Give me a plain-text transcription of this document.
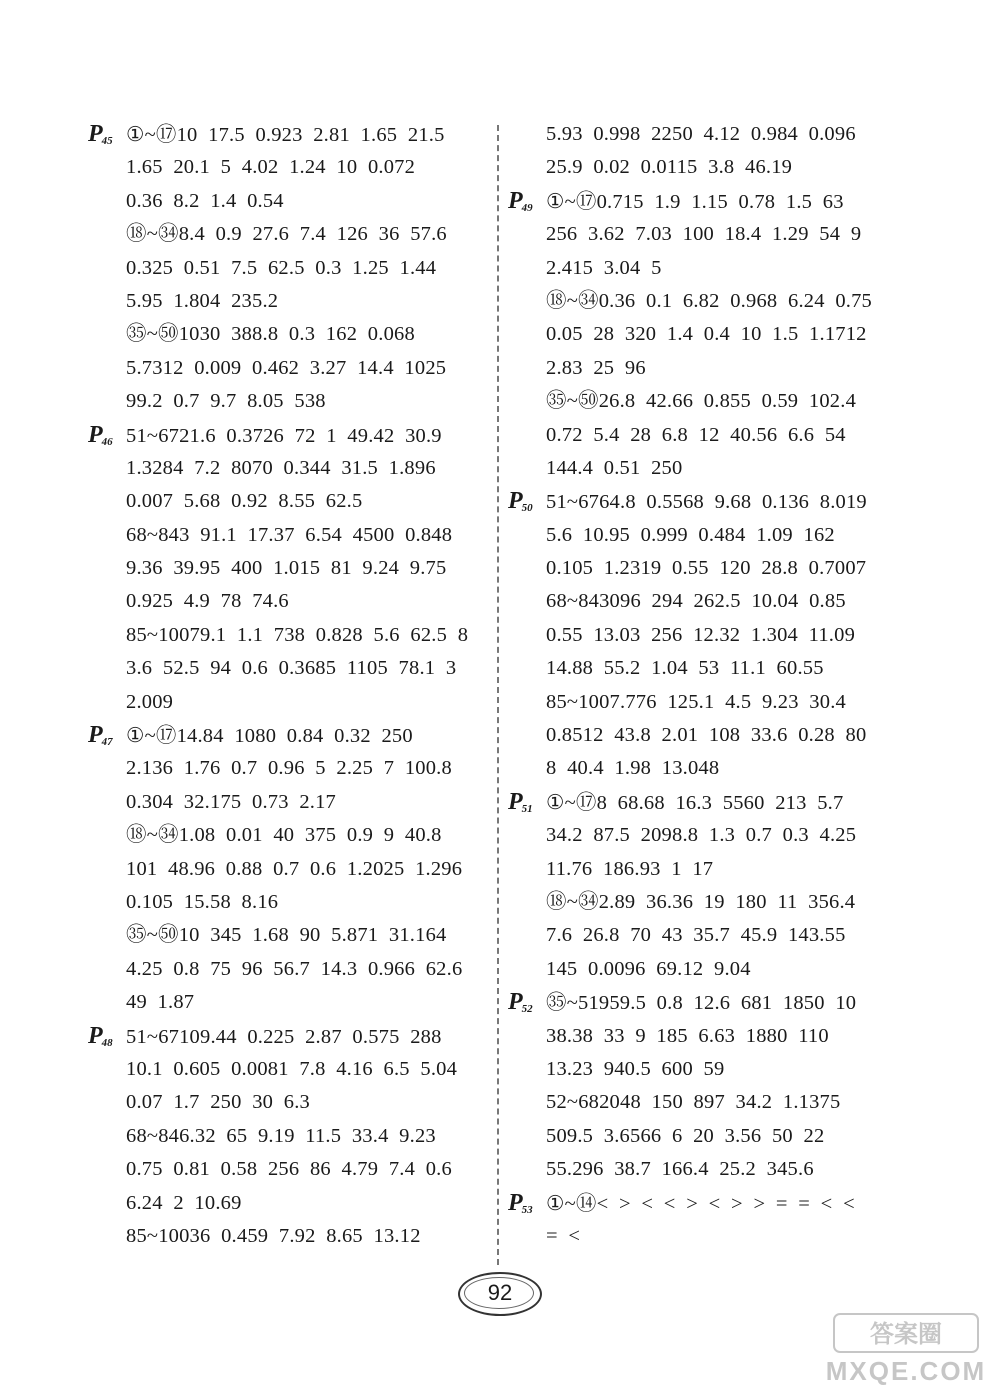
$P_{45}$ ①~⑰10  17.5  0.923  2.81  1.65  21.5
1.65  20.1  5  4.02  1.24  10  0.072
0.36  8.2  1.4  0.54
⑱~㉞8.4  0.9  27.6  7.4  126  36  57.6
0.325  0.51  7.5  62.5  0.3  1.25  1.44
5.95  1.804  235.2
㉟~㊿1030  388.8  0.3  162  0.068
5.7312  0.009  0.462  3.27  14.4  1025
99.2  0.7  9.7  8.05  538
$P_{46}$ 51~6721.6  0.3726  72  1  49.42  30.9
1.3284  7.2  8070  0.344  31.5  1.896
0.007  5.68  0.92  8.55  62.5
68~843  91.1  17.37  6.54  4500  0.848
9.36  39.95  400  1.015  81  9.24  9.75
0.925  4.9  78  74.6
85~10079.1  1.1  738  0.828  5.6  62.5  8
3.6  52.5  94  0.6  0.3685  1105  78.1  3
2.009
$P_{47}$ ①~⑰14.84  1080  0.84  0.32  250
2.136  1.76  0.7  0.96  5  2.25  7  100.8
0.304  32.175  0.73  2.17
⑱~㉞1.08  0.01  40  375  0.9  9  40.8
101  48.96  0.88  0.7  0.6  1.2025  1.296
0.105  15.58  8.16
㉟~㊿10  345  1.68  90  5.871  31.164
4.25  0.8  75  96  56.7  14.3  0.966  62.6
49  1.87
$P_{48}$ 51~67109.44  0.225  2.87  0.575  288
10.1  0.605  0.0081  7.8  4.16  6.5  5.04
0.07  1.7  250  30  6.3
68~846.32  65  9.19  11.5  33.4  9.23
0.75  0.81  0.58  256  86  4.79  7.4  0.6
6.24  2  10.69
85~10036  0.459  7.92  8.65  13.12
5.93  0.998  2250  4.12  0.984  0.096
25.9  0.02  0.0115  3.8  46.19
$P_{49}$ ①~⑰0.715  1.9  1.15  0.78  1.5  63
256  3.62  7.03  100  18.4  1.29  54  9
2.415  3.04  5
⑱~㉞0.36  0.1  6.82  0.968  6.24  0.75
0.05  28  320  1.4  0.4  10  1.5  1.1712
2.83  25  96
㉟~㊿26.8  42.66  0.855  0.59  102.4
0.72  5.4  28  6.8  12  40.56  6.6  54
144.4  0.51  250
$P_{50}$ 51~6764.8  0.5568  9.68  0.136  8.019
5.6  10.95  0.999  0.484  1.09  162
0.105  1.2319  0.55  120  28.8  0.7007
68~843096  294  262.5  10.04  0.85
0.55  13.03  256  12.32  1.304  11.09
14.88  55.2  1.04  53  11.1  60.55
85~1007.776  125.1  4.5  9.23  30.4
0.8512  43.8  2.01  108  33.6  0.28  80
8  40.4  1.98  13.048
$P_{51}$ ①~⑰8  68.68  16.3  5560  213  5.7
34.2  87.5  2098.8  1.3  0.7  0.3  4.25
11.76  186.93  1  17
⑱~㉞2.89  36.36  19  180  11  356.4
7.6  26.8  70  43  35.7  45.9  143.55
145  0.0096  69.12  9.04
$P_{52}$ ㉟~51959.5  0.8  12.6  681  1850  10
38.38  33  9  185  6.63  1880  110
13.23  940.5  600  59
52~682048  150  897  34.2  1.1375
509.5  3.6566  6  20  3.56  50  22
55.296  38.7  166.4  25.2  345.6
$P_{53}$ ①~⑭<  >  <  <  >  <  >  >  =  =  <  <
=  <
92
答案圈
MXQE.COM
